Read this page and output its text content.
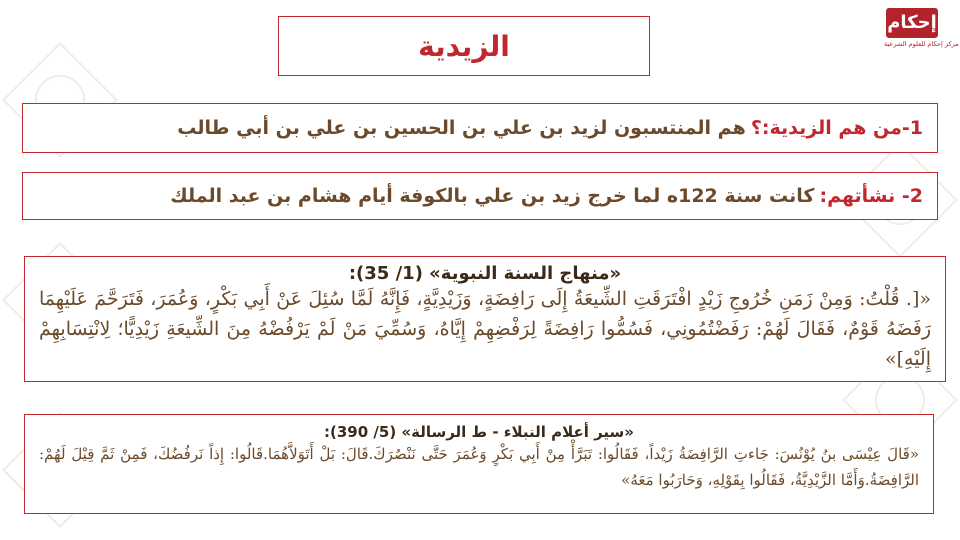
إحكام
مركز إحكام للعلوم الشرعية
الزيدية
1-من هم الزيدية:؟

هم المنتسبون لزيد بن علي بن الحسين بن علي بن أبي طالب
2- نشأتهم:

كانت سنة 122ه لما خرج زيد بن علي بالكوفة أيام هشام بن عبد الملك
«منهاج السنة النبوية» (1/ 35):
«[. قُلْتُ: وَمِنْ زَمَنِ خُرُوجِ زَيْدٍ افْتَرَقَتِ الشِّيعَةُ إِلَى رَافِضَةٍ، وَزَيْدِيَّةٍ، فَإِنَّهُ لَمَّا سُئِلَ عَنْ أَبِي بَكْرٍ، وَعُمَرَ، فَتَرَحَّمَ عَلَيْهِمَا رَفَضَهُ قَوْمٌ، فَقَالَ لَهُمْ: رَفَضْتُمُونِي، فَسُمُّوا رَافِضَةً لِرَفْضِهِمْ إِيَّاهُ، وَسُمِّيَ مَنْ لَمْ يَرْفُضْهُ مِنَ الشِّيعَةِ زَيْدِيًّا؛ لِانْتِسَابِهِمْ إِلَيْهِ]»
«سير أعلام النبلاء - ط الرسالة» (5/ 390):
«قَالَ عِيْسَى بنُ يُوْنُسَ: جَاءتِ الرَّافِضَةُ زَيْداً، فَقَالُوا: تَبَرَّأْ مِنْ أَبِي بَكْرٍ وَعُمَرَ حَتَّى نَنْصُرَكَ.قَالَ: بَلْ أَتَوَلاَّهُمَا.قَالُوا: إِذاً نَرفُضُكَ، فَمِنْ ثَمَّ قِيْلَ لَهُمْ: الرَّافِضَةُ.وَأَمَّا الزَّيْدِيَّةُ، فَقَالُوا بِقَوْلِهِ، وَحَارَبُوا مَعَهُ»
